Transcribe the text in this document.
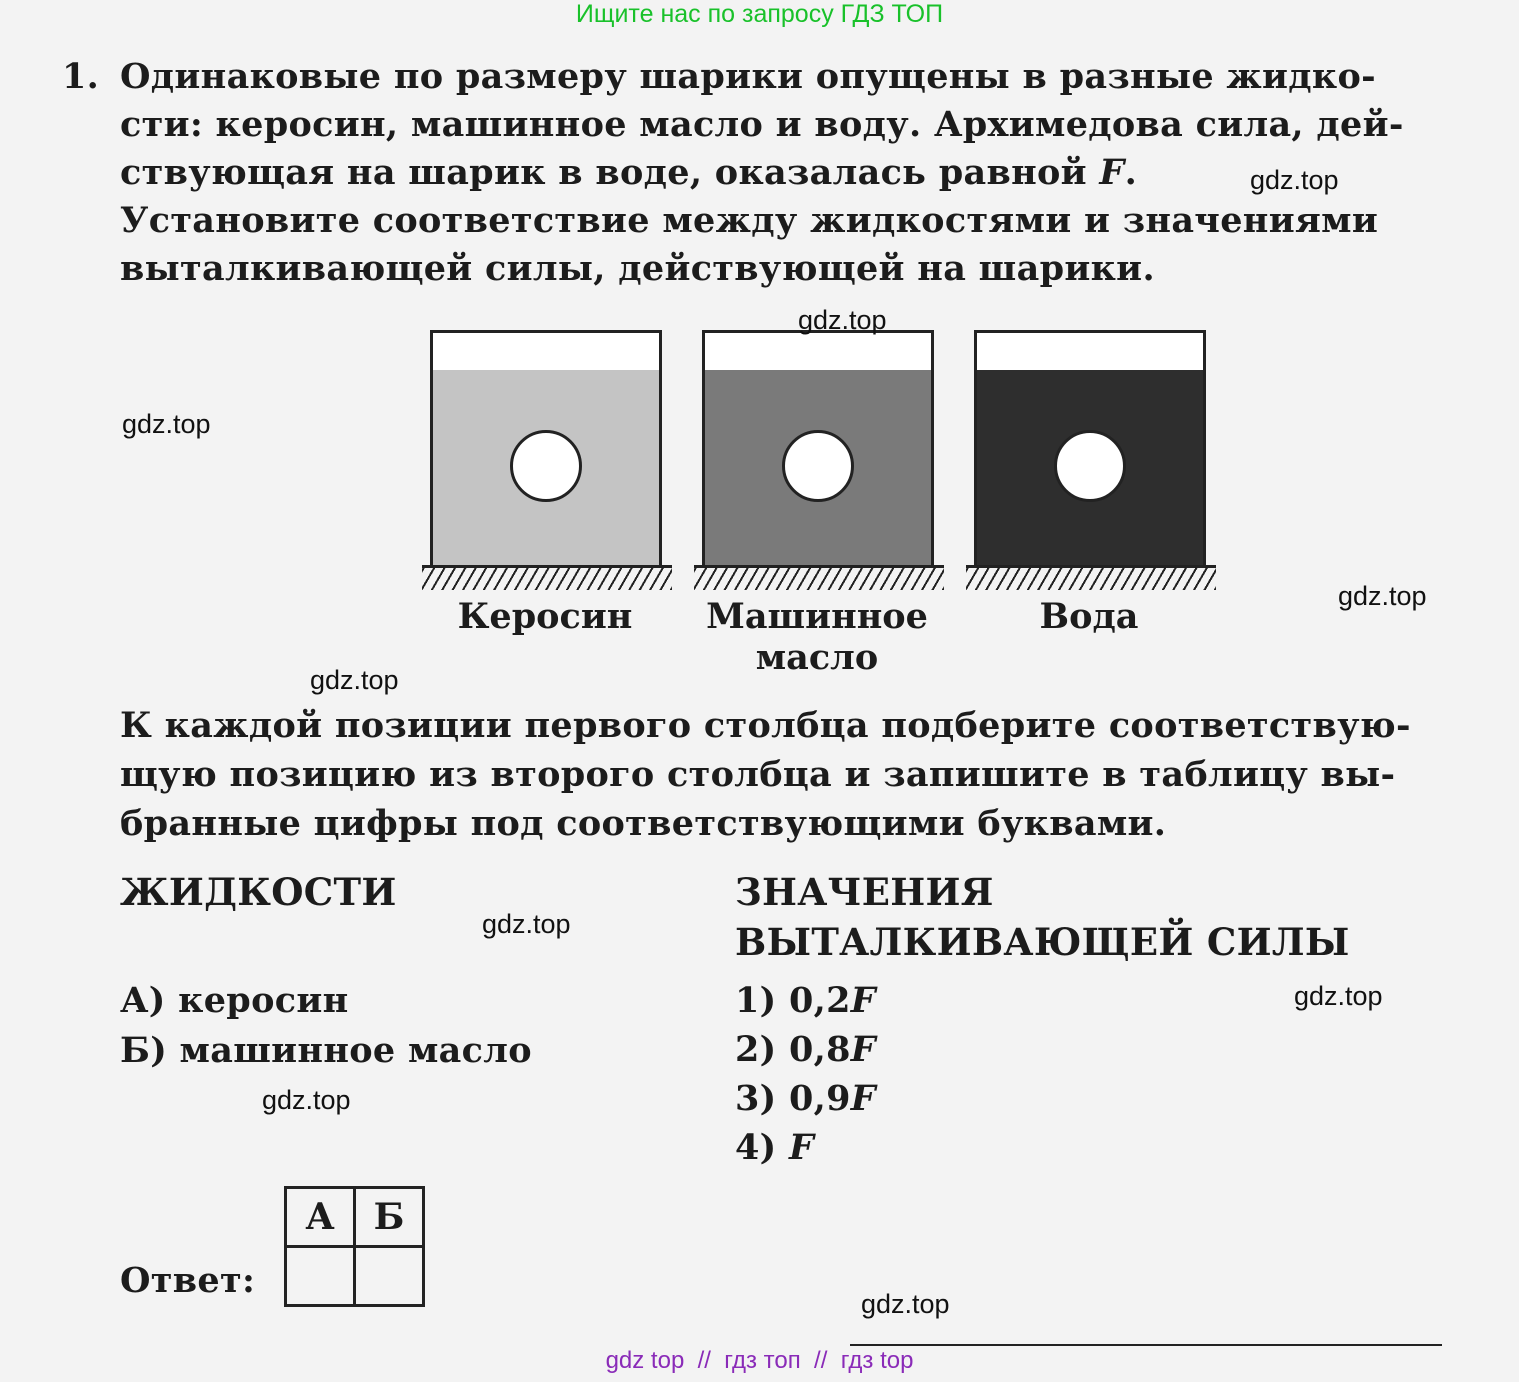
Ищите нас по запросу ГДЗ ТОП
1. Одинаковые по размеру шарики опущены в разные жидко-
сти: керосин, машинное масло и воду. Архимедова сила, дей-
ствующая на шарик в воде, оказалась равной F.
Установите соответствие между жидкостями и значениями
выталкивающей силы, действующей на шарики.
Керосин	Машинное
масло
Вода
К каждой позиции первого столбца подберите соответствую-
щую позицию из второго столбца и запишите в таблицу вы-
бранные цифры под соответствующими буквами.
ЖИДКОСТИ	ЗНАЧЕНИЯ
ВЫТАЛКИВАЮЩЕЙ СИЛЫ
А) керосин
Б) машинное масло
1) 0,2F
2) 0,8F
3) 0,9F
4) F
Ответ:
А	Б

gdz.top
gdz.top
gdz.top
gdz.top
gdz.top
gdz.top
gdz.top
gdz.top
gdz.top
gdz top  //  гдз топ  //  гдз top
